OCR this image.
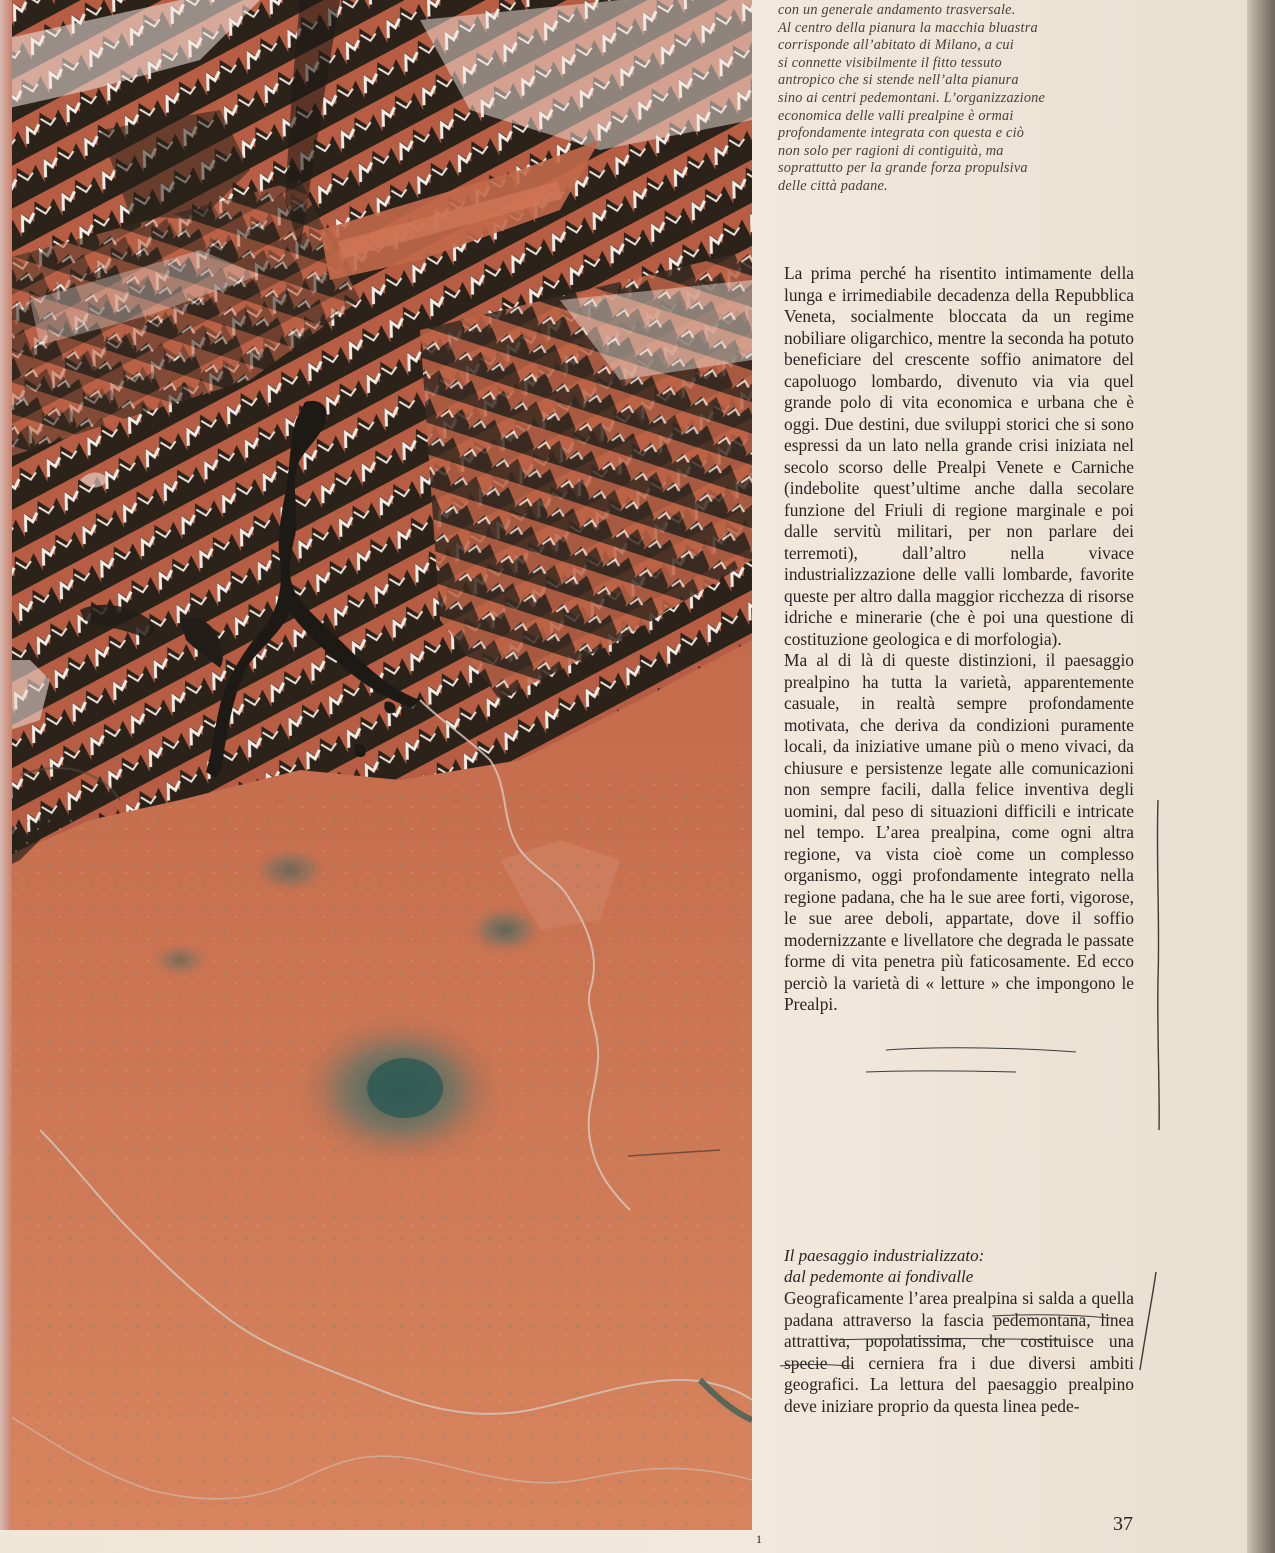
con un generale andamento trasversale.

Al centro della pianura la macchia bluastra

corrisponde all’abitato di Milano, a cui

si connette visibilmente il fitto tessuto

antropico che si stende nell’alta pianura

sino ai centri pedemontani. L’organizzazione

economica delle valli prealpine è ormai

profondamente integrata con questa e ciò

non solo per ragioni di contiguità, ma

soprattutto per la grande forza propulsiva

delle città padane.

La prima perché ha risentito intimamente della lunga e irrimediabile decadenza della Repubblica Veneta, socialmente bloccata da un regime nobiliare oligarchico, mentre la seconda ha potuto beneficiare del crescente soffio animatore del capoluogo lombardo, divenuto via via quel grande polo di vita economica e urbana che è oggi. Due destini, due sviluppi storici che si sono espressi da un lato nella grande crisi iniziata nel secolo scorso delle Prealpi Venete e Carniche (indebolite quest’ultime anche dalla secolare funzione del Friuli di regione marginale e poi dalle servitù militari, per non parlare dei terremoti), dall’altro nella vivace industrializzazione delle valli lombarde, favorite queste per altro dalla maggior ricchezza di risorse idriche e minerarie (che è poi una questione di costituzione geologica e di morfologia).

Ma al di là di queste distinzioni, il paesaggio prealpino ha tutta la varietà, apparentemente casuale, in realtà sempre profondamente motivata, che deriva da condizioni puramente locali, da iniziative umane più o meno vivaci, da chiusure e persistenze legate alle comunicazioni non sempre facili, dalla felice inventiva degli uomini, dal peso di situazioni difficili e intricate nel tempo. L’area prealpina, come ogni altra regione, va vista cioè come un complesso organismo, oggi profondamente integrato nella regione padana, che ha le sue aree forti, vigorose, le sue aree deboli, appartate, dove il soffio modernizzante e livellatore che degrada le passate forme di vita penetra più faticosamente. Ed ecco perciò la varietà di « letture » che impongono le Prealpi.

Il paesaggio industrializzato:

dal pedemonte ai fondivalle

Geograficamente l’area prealpina si salda a quella padana attraverso la fascia pedemontana, linea attrattiva, popolatissima, che costituisce una specie di cerniera fra i due diversi ambiti geografici. La lettura del paesaggio prealpino deve iniziare proprio da questa linea pede-

1
37
